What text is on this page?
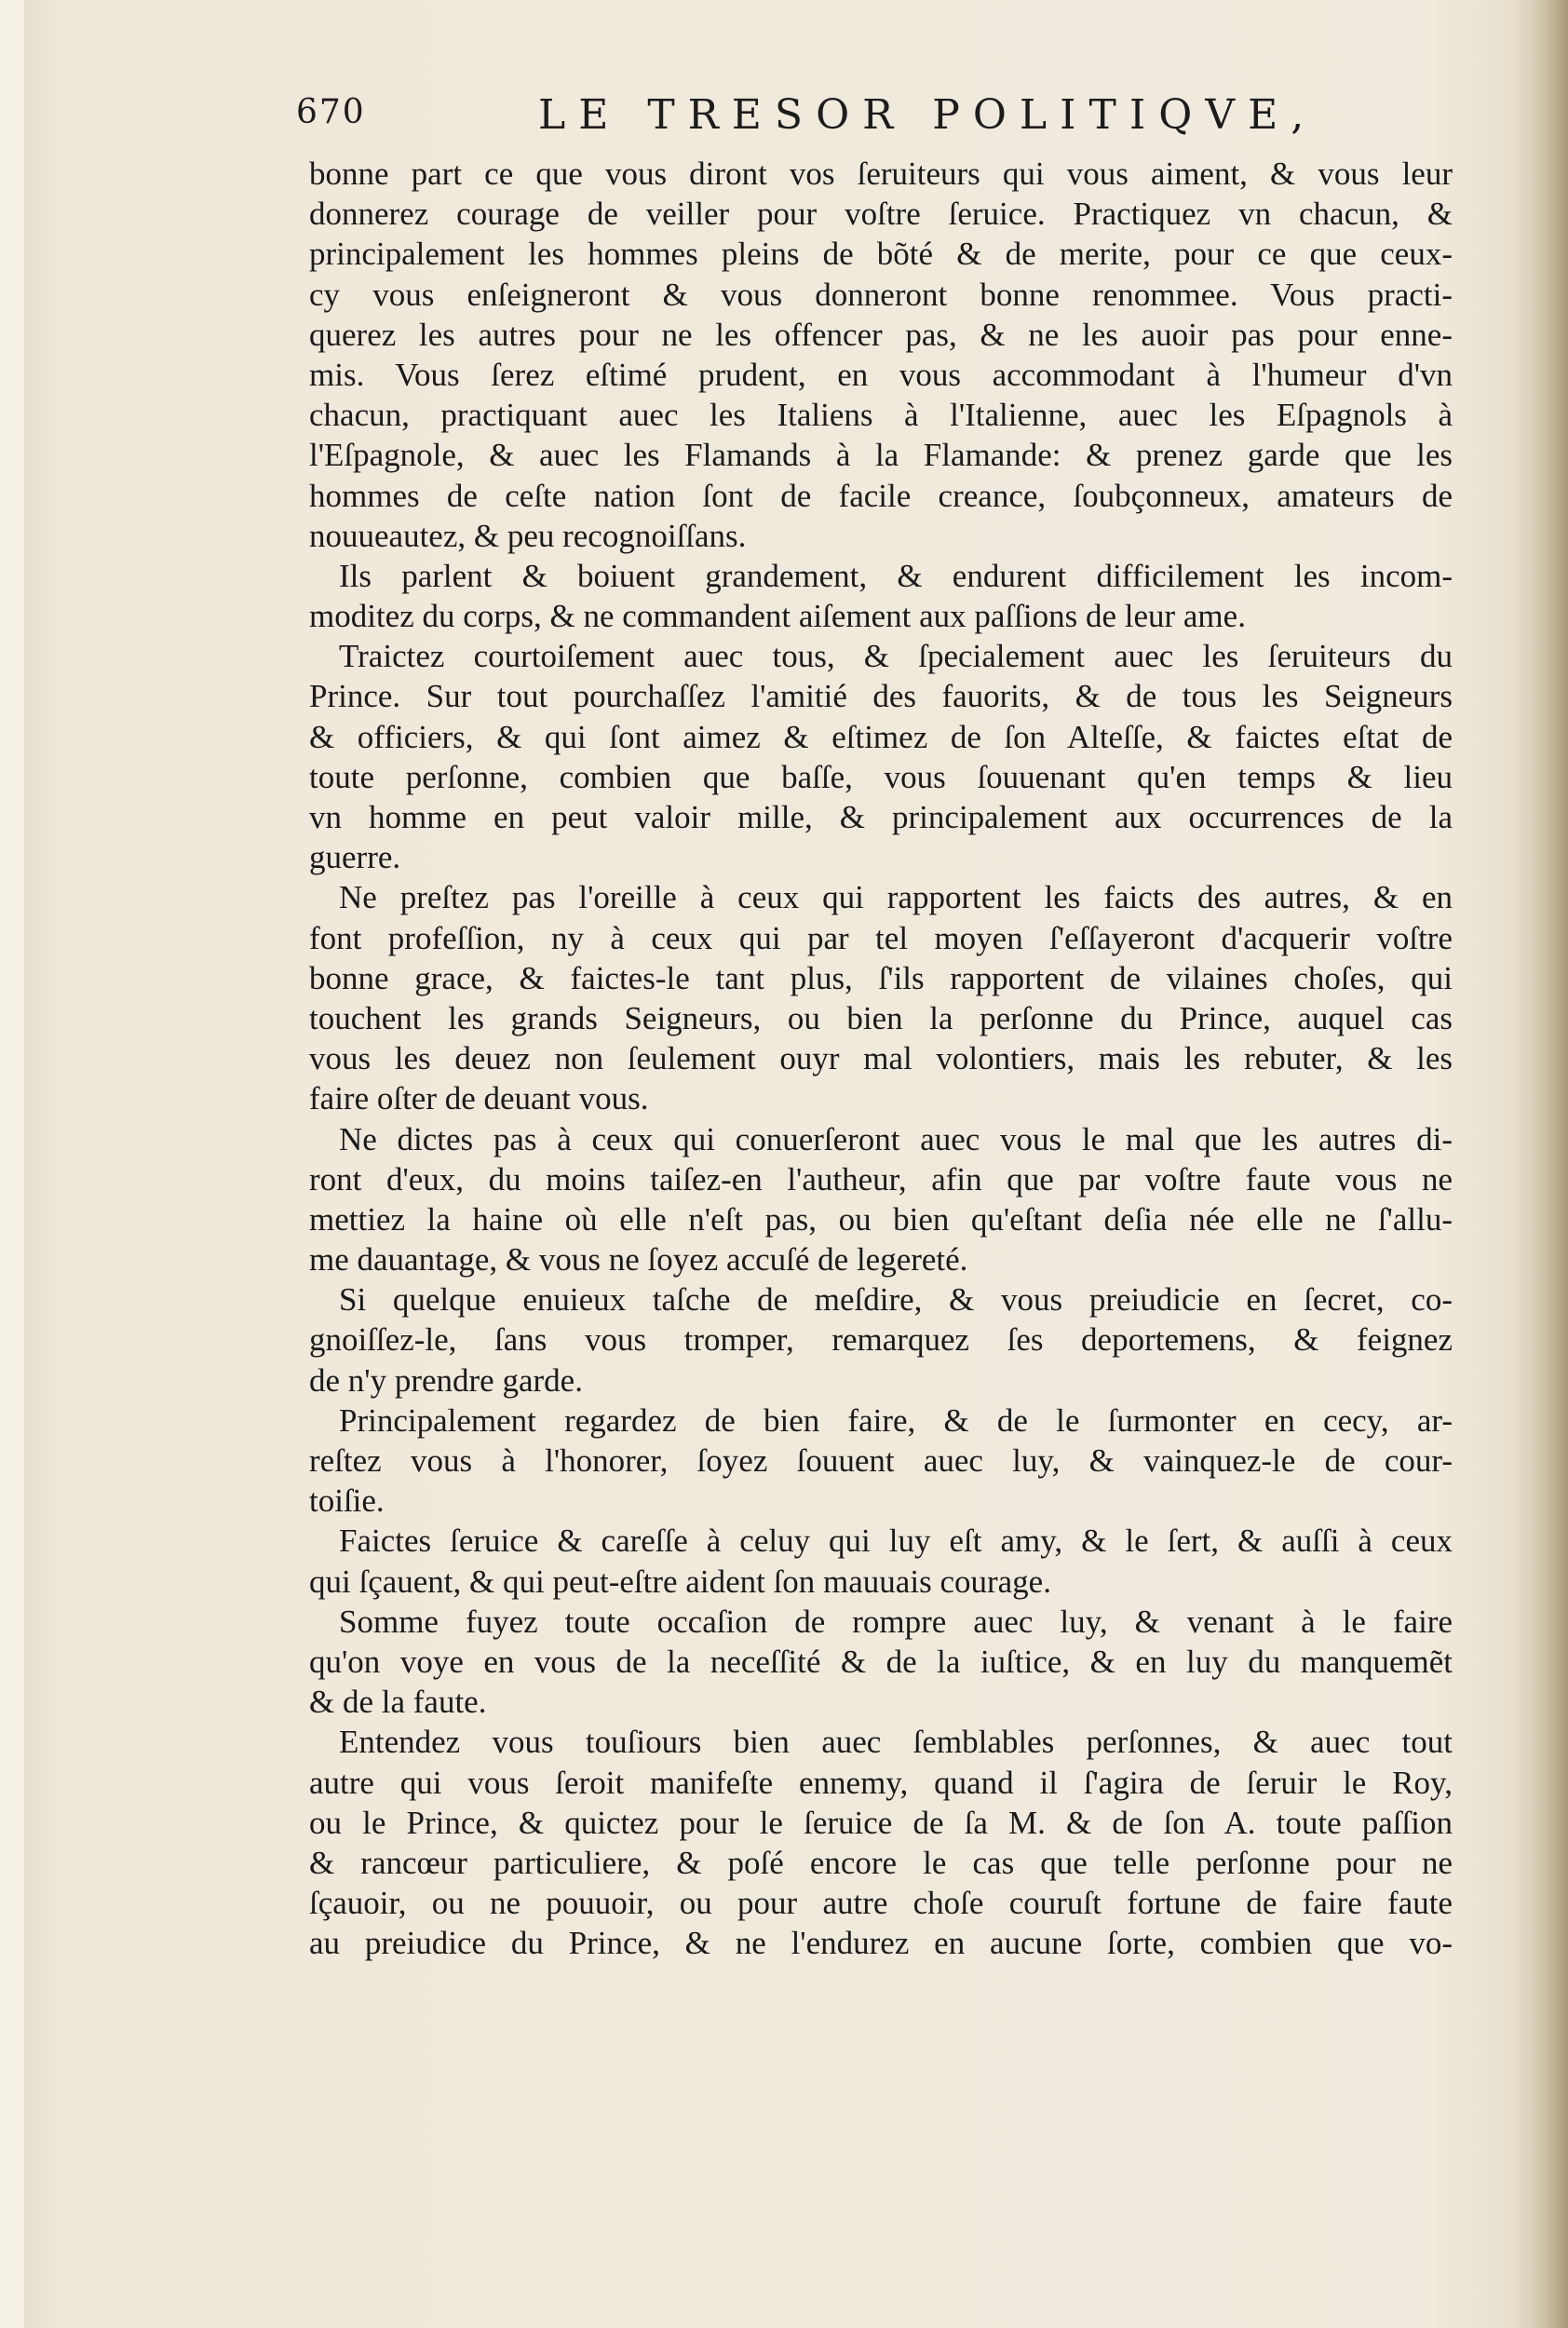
670	LE TRESOR POLITIQVE,
bonne part ce que vous diront vos ſeruiteurs qui vous aiment, & vous leur
donnerez courage de veiller pour voſtre ſeruice. Practiquez vn chacun, &
principalement les hommes pleins de bõté & de merite, pour ce que ceux-
cy vous enſeigneront & vous donneront bonne renommee. Vous practi-
querez les autres pour ne les offencer pas, & ne les auoir pas pour enne-
mis. Vous ſerez eſtimé prudent, en vous accommodant à l'humeur d'vn
chacun, practiquant auec les Italiens à l'Italienne, auec les Eſpagnols à
l'Eſpagnole, & auec les Flamands à la Flamande: & prenez garde que les
hommes de ceſte nation ſont de facile creance, ſoubçonneux, amateurs de
nouueautez, & peu recognoiſſans.
Ils parlent & boiuent grandement, & endurent difficilement les incom-
moditez du corps, & ne commandent aiſement aux paſſions de leur ame.
Traictez courtoiſement auec tous, & ſpecialement auec les ſeruiteurs du
Prince. Sur tout pourchaſſez l'amitié des fauorits, & de tous les Seigneurs
& officiers, & qui ſont aimez & eſtimez de ſon Alteſſe, & faictes eſtat de
toute perſonne, combien que baſſe, vous ſouuenant qu'en temps & lieu
vn homme en peut valoir mille, & principalement aux occurrences de la
guerre.
Ne preſtez pas l'oreille à ceux qui rapportent les faicts des autres, & en
font profeſſion, ny à ceux qui par tel moyen ſ'eſſayeront d'acquerir voſtre
bonne grace, & faictes-le tant plus, ſ'ils rapportent de vilaines choſes, qui
touchent les grands Seigneurs, ou bien la perſonne du Prince, auquel cas
vous les deuez non ſeulement ouyr mal volontiers, mais les rebuter, & les
faire oſter de deuant vous.
Ne dictes pas à ceux qui conuerſeront auec vous le mal que les autres di-
ront d'eux, du moins taiſez-en l'autheur, afin que par voſtre faute vous ne
mettiez la haine où elle n'eſt pas, ou bien qu'eſtant deſia née elle ne ſ'allu-
me dauantage, & vous ne ſoyez accuſé de legereté.
Si quelque enuieux taſche de meſdire, & vous preiudicie en ſecret, co-
gnoiſſez-le, ſans vous tromper, remarquez ſes deportemens, & feignez
de n'y prendre garde.
Principalement regardez de bien faire, & de le ſurmonter en cecy, ar-
reſtez vous à l'honorer, ſoyez ſouuent auec luy, & vainquez-le de cour-
toiſie.
Faictes ſeruice & careſſe à celuy qui luy eſt amy, & le ſert, & auſſi à ceux
qui ſçauent, & qui peut-eſtre aident ſon mauuais courage.
Somme fuyez toute occaſion de rompre auec luy, & venant à le faire
qu'on voye en vous de la neceſſité & de la iuſtice, & en luy du manquemẽt
& de la faute.
Entendez vous touſiours bien auec ſemblables perſonnes, & auec tout
autre qui vous ſeroit manifeſte ennemy, quand il ſ'agira de ſeruir le Roy,
ou le Prince, & quictez pour le ſeruice de ſa M. & de ſon A. toute paſſion
& rancœur particuliere, & poſé encore le cas que telle perſonne pour ne
ſçauoir, ou ne pouuoir, ou pour autre choſe couruſt fortune de faire faute
au preiudice du Prince, & ne l'endurez en aucune ſorte, combien que vo-
